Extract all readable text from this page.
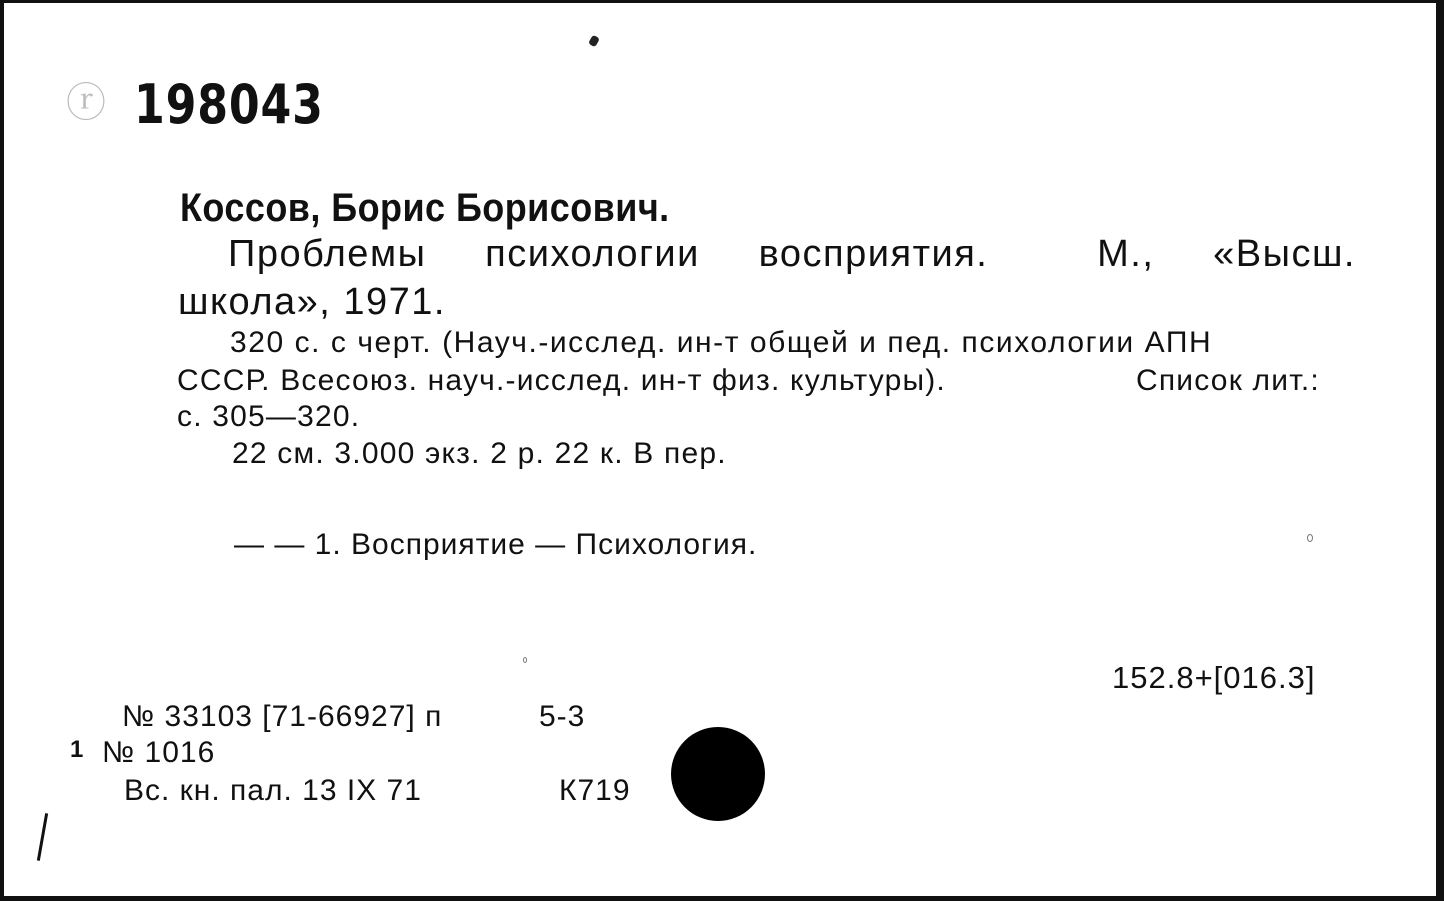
ⓡ 198043
Коссов, Борис Борисович.
Проблемы психологии восприятия.	М., «Высш.
школа», 1971.
320 с. с черт. (Науч.-исслед. ин-т общей и пед. психологии АПН
СССР. Всесоюз. науч.-исслед. ин-т физ. культуры).	Список лит.:
с. 305—320.
22 см. 3.000 экз. 2 р. 22 к. В пер.
— — 1. Восприятие — Психология.
152.8+[016.3]
№ 33103 [71-66927] п	5-3
1 № 1016
Вс. кн. пал. 13 IX 71	К719
